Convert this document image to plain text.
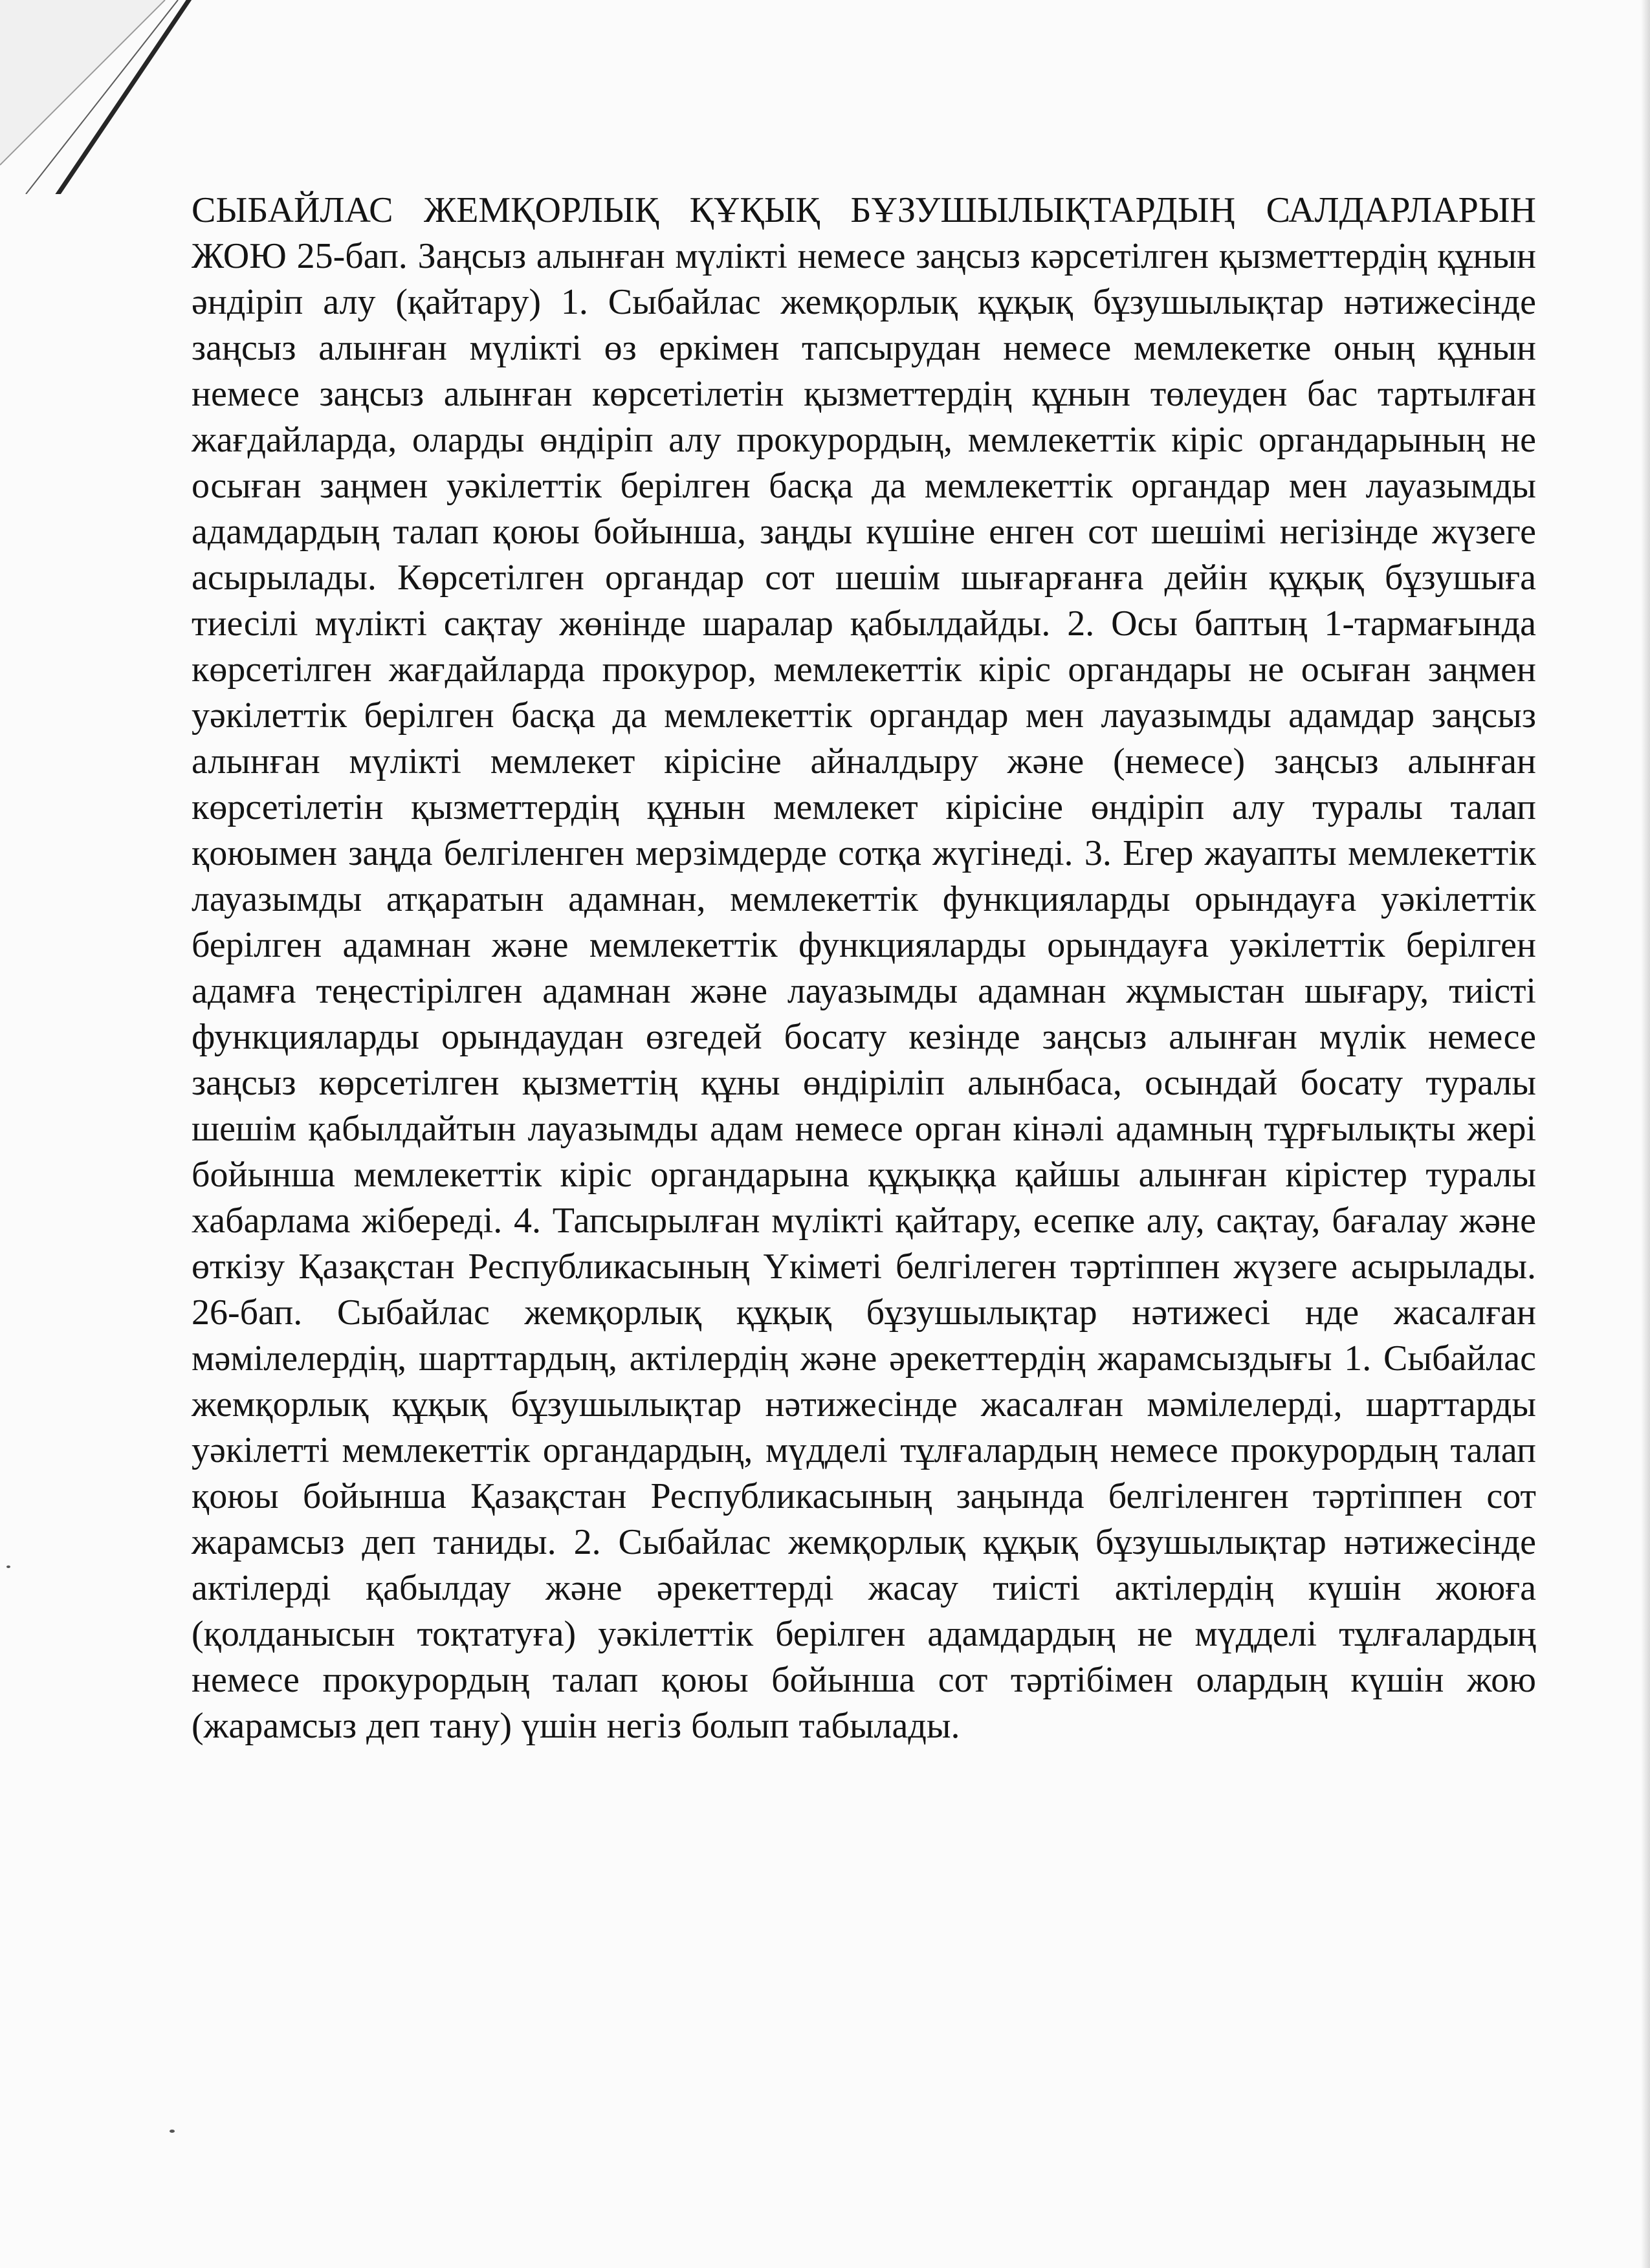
СЫБАЙЛАС ЖЕМҚОРЛЫҚ ҚҰҚЫҚ БҰЗУШЫЛЫҚТАРДЫҢ САЛДАРЛАРЫН ЖОЮ 25-бап. Заңсыз алынған мүлікті немесе заңсыз кәрсетілген қызметтердің құнын әндіріп алу (қайтару) 1. Сыбайлас жемқорлық құқық бұзушылықтар нәтижесінде заңсыз алынған мүлікті өз еркімен тапсырудан немесе мемлекетке оның құнын немесе заңсыз алынған көрсетілетін қызметтердің құнын төлеуден бас тартылған жағдайларда, оларды өндіріп алу прокурордың, мемлекеттік кіріс органдарының не осыған заңмен уәкілеттік берілген басқа да мемлекеттік органдар мен лауазымды адамдардың талап қоюы бойынша, заңды күшіне енген сот шешімі негізінде жүзеге асырылады. Көрсетілген органдар сот шешім шығарғанға дейін құқық бұзушыға тиесілі мүлікті сақтау жөнінде шаралар қабылдайды. 2. Осы баптың 1-тармағында көрсетілген жағдайларда прокурор, мемлекеттік кіріс органдары не осыған заңмен уәкілеттік берілген басқа да мемлекеттік органдар мен лауазымды адамдар заңсыз алынған мүлікті мемлекет кірісіне айналдыру және (немесе) заңсыз алынған көрсетілетін қызметтердің құнын мемлекет кірісіне өндіріп алу туралы талап қоюымен заңда белгіленген мерзімдерде сотқа жүгінеді. 3. Егер жауапты мемлекеттік лауазымды атқаратын адамнан, мемлекеттік функцияларды орындауға уәкілеттік берілген адамнан және мемлекеттік функцияларды орындауға уәкілеттік берілген адамға теңестірілген адамнан және лауазымды адамнан жұмыстан шығару, тиісті функцияларды орындаудан өзгедей босату кезінде заңсыз алынған мүлік немесе заңсыз көрсетілген қызметтің құны өндіріліп алынбаса, осындай босату туралы шешім қабылдайтын лауазымды адам немесе орган кінәлі адамның тұрғылықты жері бойынша мемлекеттік кіріс органдарына құқыққа қайшы алынған кірістер туралы хабарлама жібереді. 4. Тапсырылған мүлікті қайтару, есепке алу, сақтау, бағалау және өткізу Қазақстан Республикасының Үкіметі белгілеген тәртіппен жүзеге асырылады. 26-бап. Сыбайлас жемқорлық құқық бұзушылықтар нәтижесі нде жасалған мәмілелердің, шарттардың, актілердің және әрекеттердің жарамсыздығы 1. Сыбайлас жемқорлық құқық бұзушылықтар нәтижесінде жасалған мәмілелерді, шарттарды уәкілетті мемлекеттік органдардың, мүдделі тұлғалардың немесе прокурордың талап қоюы бойынша Қазақстан Республикасының заңында белгіленген тәртіппен сот жарамсыз деп таниды. 2. Сыбайлас жемқорлық құқық бұзушылықтар нәтижесінде актілерді қабылдау және әрекеттерді жасау тиісті актілердің күшін жоюға (қолданысын тоқтатуға) уәкілеттік берілген адамдардың не мүдделі тұлғалардың немесе прокурордың талап қоюы бойынша сот тәртібімен олардың күшін жою (жарамсыз деп тану) үшін негіз болып табылады.
